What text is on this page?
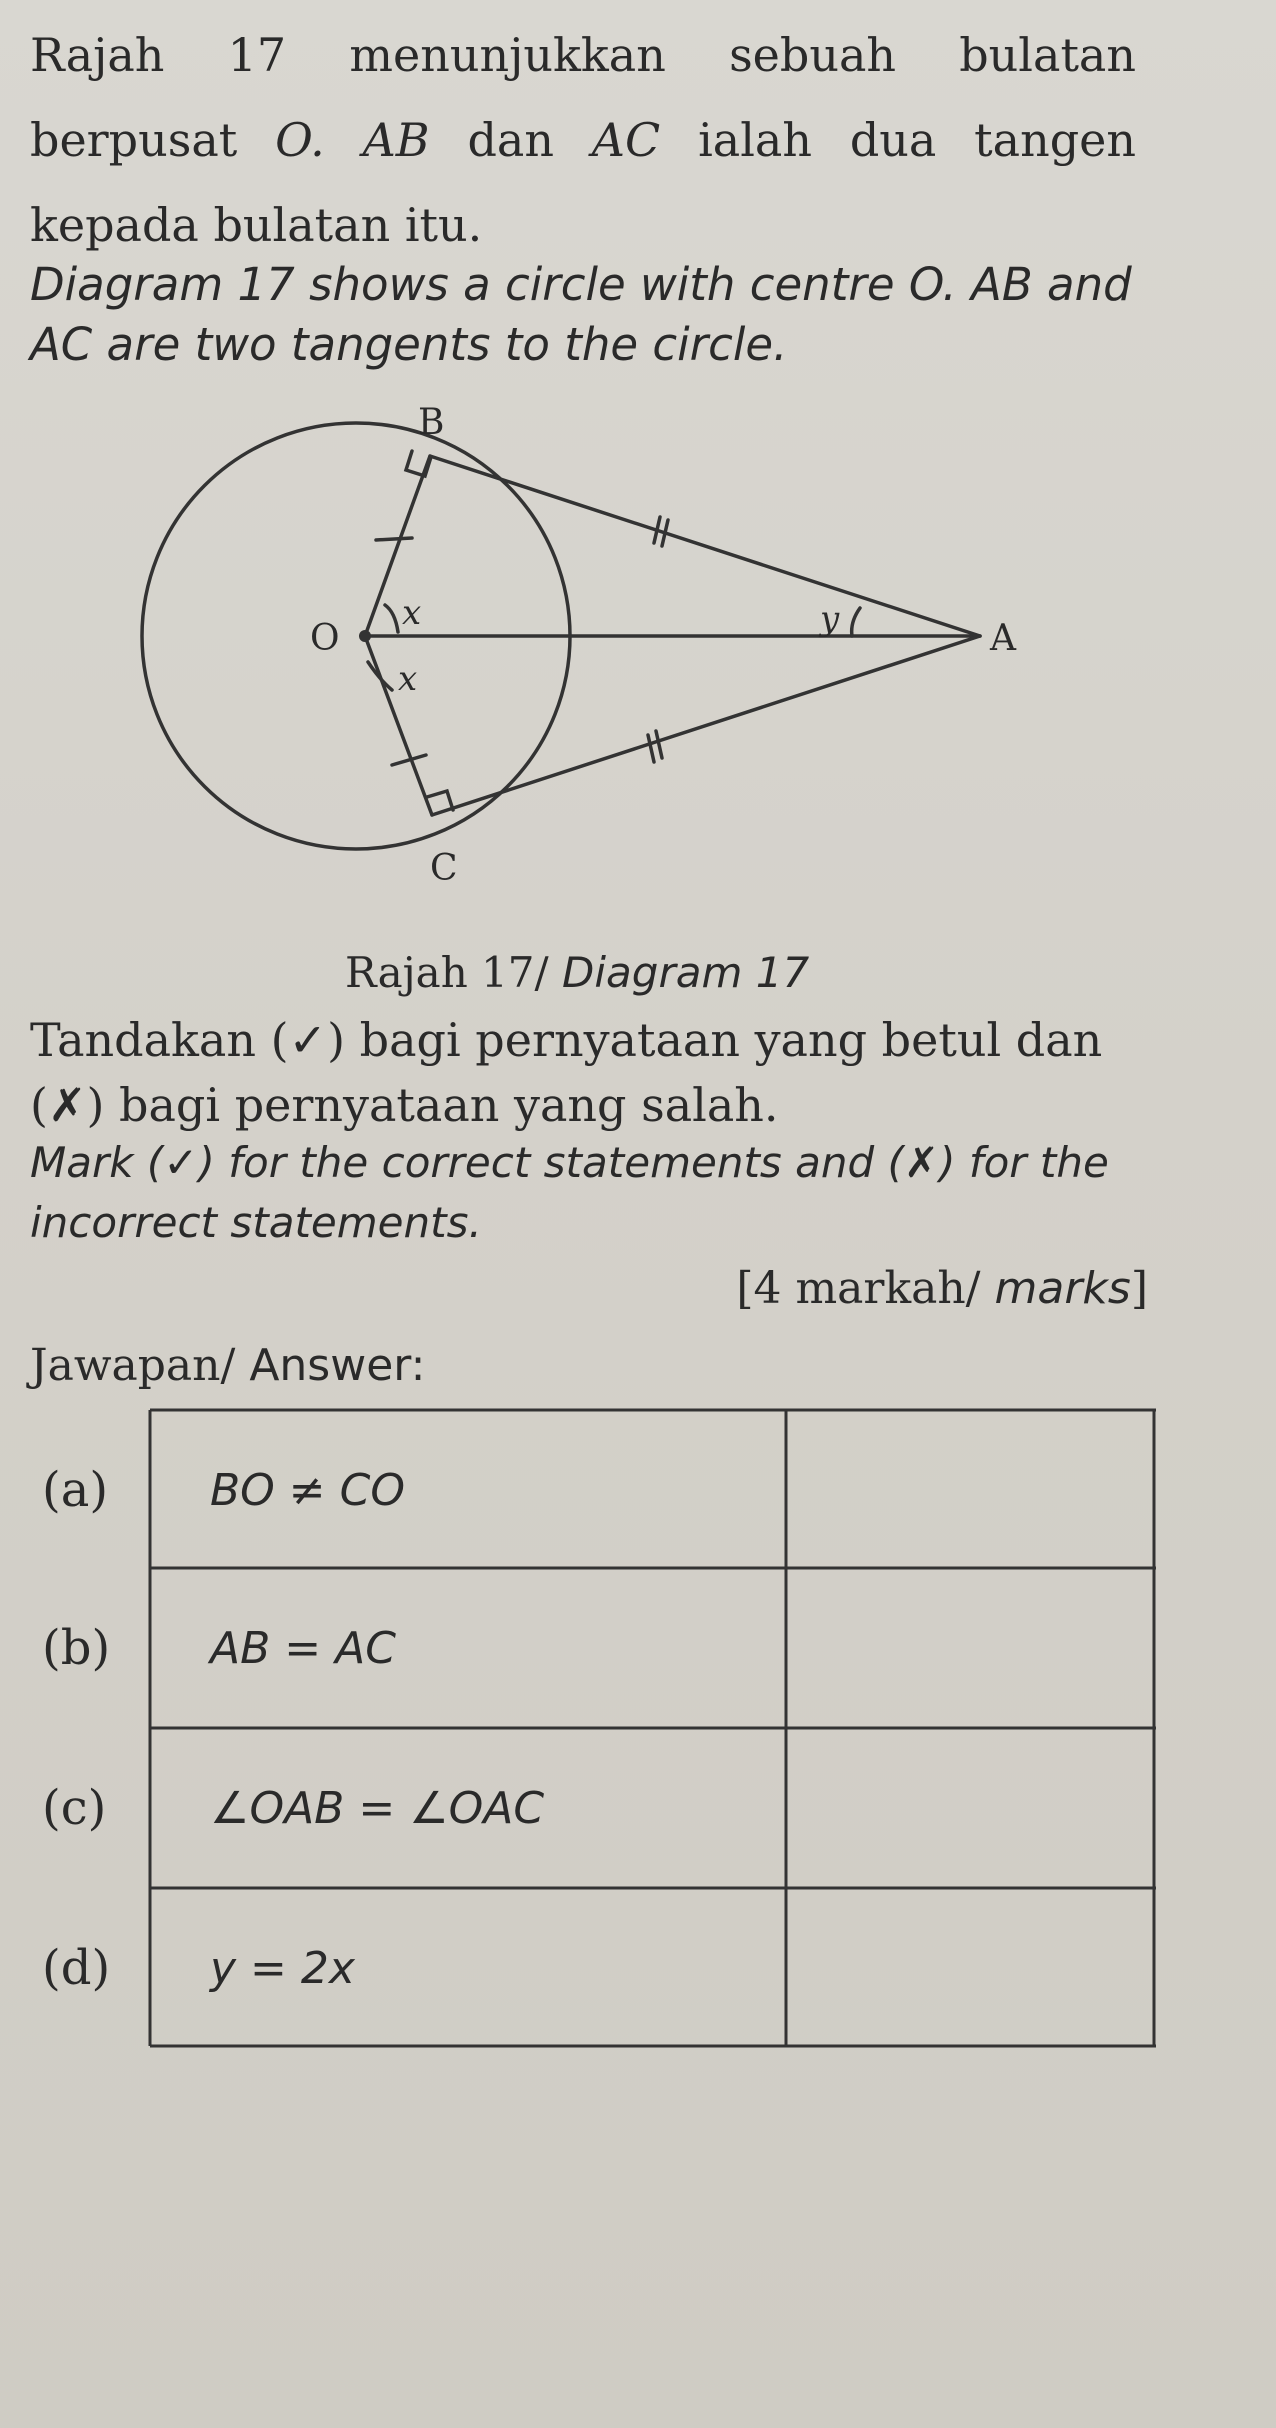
Rajah 17 menunjukkan sebuah bulatan
berpusat O. AB dan AC ialah dua tangen
kepada bulatan itu.
Diagram 17 shows a circle with centre O. AB and
AC are two tangents to the circle.
B
O	A
C
x
x
y
Rajah 17/ Diagram 17
Tandakan (✓) bagi pernyataan yang betul dan
(✗) bagi pernyataan yang salah.
Mark (✓) for the correct statements and (✗) for the
incorrect statements.
[4 markah/ marks]
Jawapan/ Answer:
(a)	BO ≠ CO
(b)	AB = AC
(c)	∠OAB = ∠OAC
(d)	y = 2x
